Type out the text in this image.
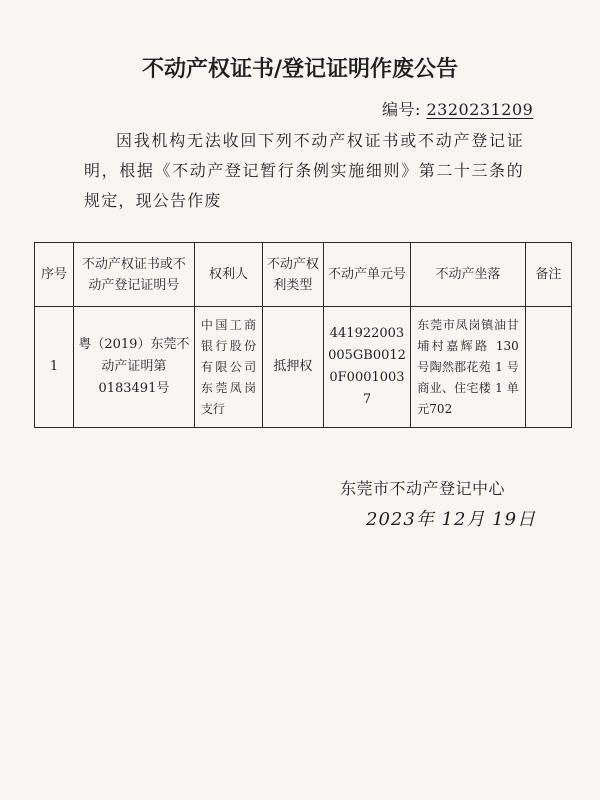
不动产权证书/登记证明作废公告
编号: 2320231209
因我机构无法收回下列不动产权证书或不动产登记证明，根据《不动产登记暂行条例实施细则》第二十三条的规定，现公告作废
序号	不动产权证书或不动产登记证明号	权利人	不动产权利类型	不动产单元号	不动产坐落	备注
1	粤（2019）东莞不动产证明第0183491号	中国工商银行股份有限公司东莞凤岗支行	抵押权	441922003005GB00120F00010037	东莞市凤岗镇油甘埔村嘉辉路 130 号陶然郡花苑 1 号商业、住宅楼 1 单元702	
东莞市不动产登记中心
2023年 12月 19日
